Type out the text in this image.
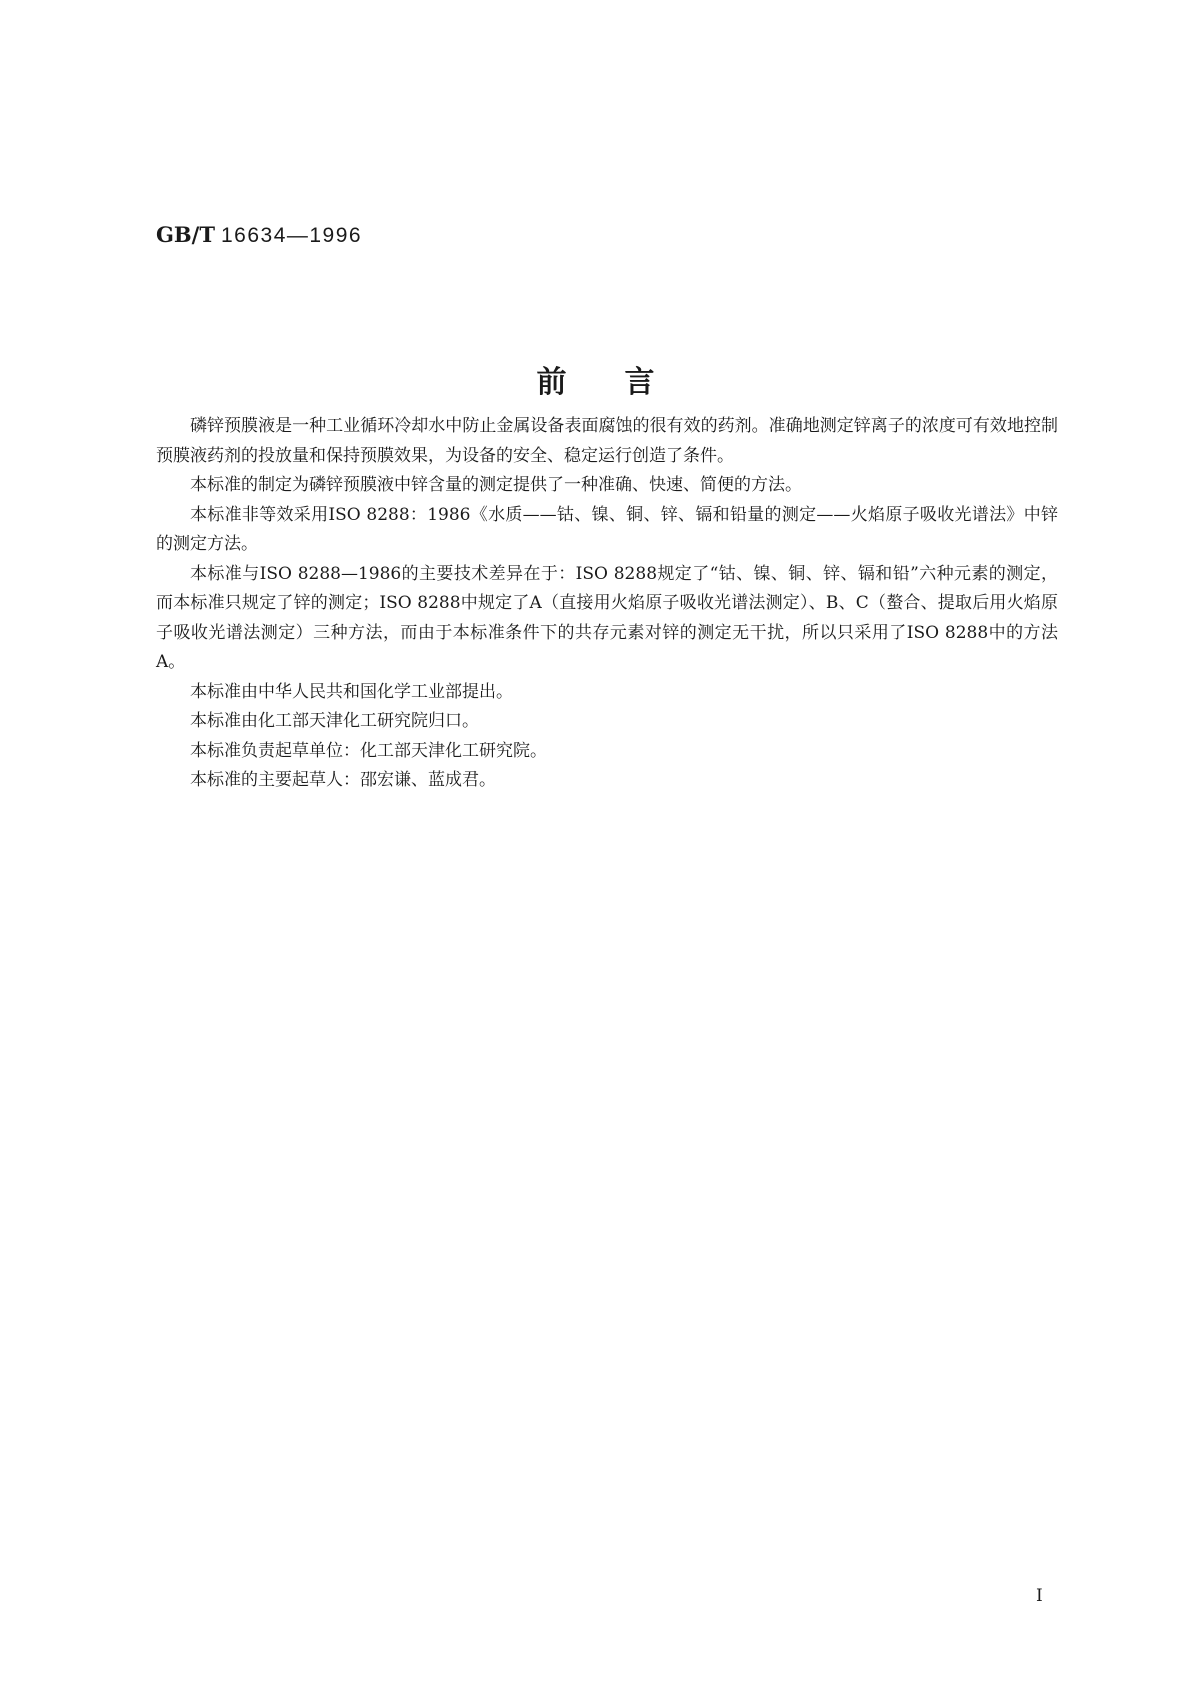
GB/T 16634—1996
前言

磷锌预膜液是一种工业循环冷却水中防止金属设备表面腐蚀的很有效的药剂。准确地测定锌离子的浓度可有效地控制预膜液药剂的投放量和保持预膜效果，为设备的安全、稳定运行创造了条件。

本标准的制定为磷锌预膜液中锌含量的测定提供了一种准确、快速、简便的方法。

本标准非等效采用ISO 8288：1986《水质——钴、镍、铜、锌、镉和铅量的测定——火焰原子吸收光谱法》中锌的测定方法。

本标准与ISO 8288—1986的主要技术差异在于：ISO 8288规定了“钴、镍、铜、锌、镉和铅”六种元素的测定，而本标准只规定了锌的测定；ISO 8288中规定了A（直接用火焰原子吸收光谱法测定）、B、C（螯合、提取后用火焰原子吸收光谱法测定）三种方法，而由于本标准条件下的共存元素对锌的测定无干扰，所以只采用了ISO 8288中的方法A。

本标准由中华人民共和国化学工业部提出。

本标准由化工部天津化工研究院归口。

本标准负责起草单位：化工部天津化工研究院。

本标准的主要起草人：邵宏谦、蓝成君。

I
